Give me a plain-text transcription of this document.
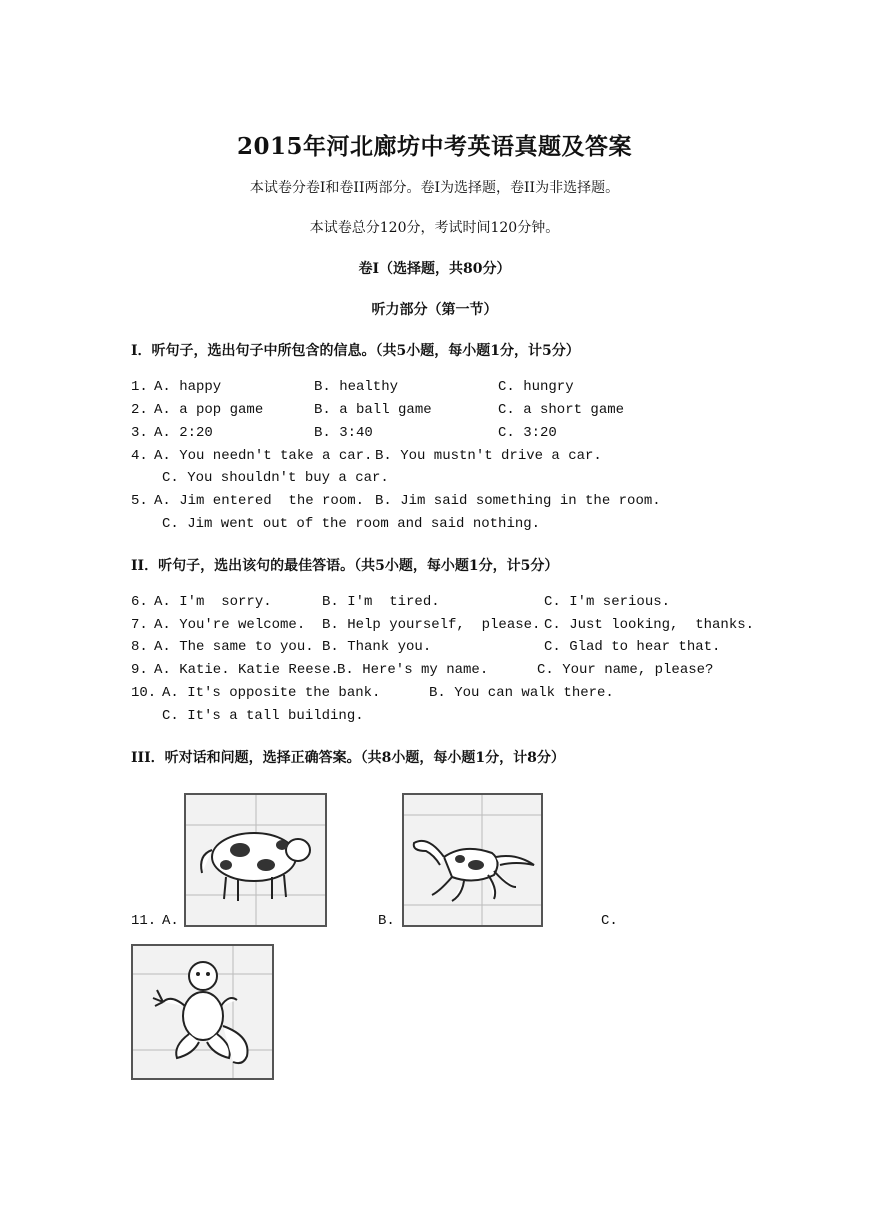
2015年河北廊坊中考英语真题及答案
本试卷分卷I和卷II两部分。卷I为选择题，卷II为非选择题。
本试卷总分120分，考试时间120分钟。
卷I（选择题，共80分）
听力部分（第一节）
I．听句子，选出句子中所包含的信息。（共5小题，每小题1分，计5分）
1. A. happy	B. healthy	C. hungry
2. A. a pop game	B. a ball game	C. a short game
3. A. 2:20	B. 3:40	C. 3:20
4. A. You needn't take a car. B. You mustn't drive a car.
C. You shouldn't buy a car.
5. A. Jim entered  the room. B. Jim said something in the room.
C. Jim went out of the room and said nothing.
II．听句子，选出该句的最佳答语。（共5小题，每小题1分，计5分）
6. A. I'm  sorry.	B. I'm  tired.	C. I'm serious.
7. A. You're welcome. B. Help yourself,  please. C. Just looking,  thanks.
8. A. The same to you. B. Thank you.	C. Glad to hear that.
9. A. Katie. Katie Reese.
B. Here's my name.	C. Your name, please?
10. A. It's opposite the bank.	B. You can walk there.
C. It's a tall building.
III．听对话和问题，选择正确答案。（共8小题，每小题1分，计8分）
11. A.	B.	C.
